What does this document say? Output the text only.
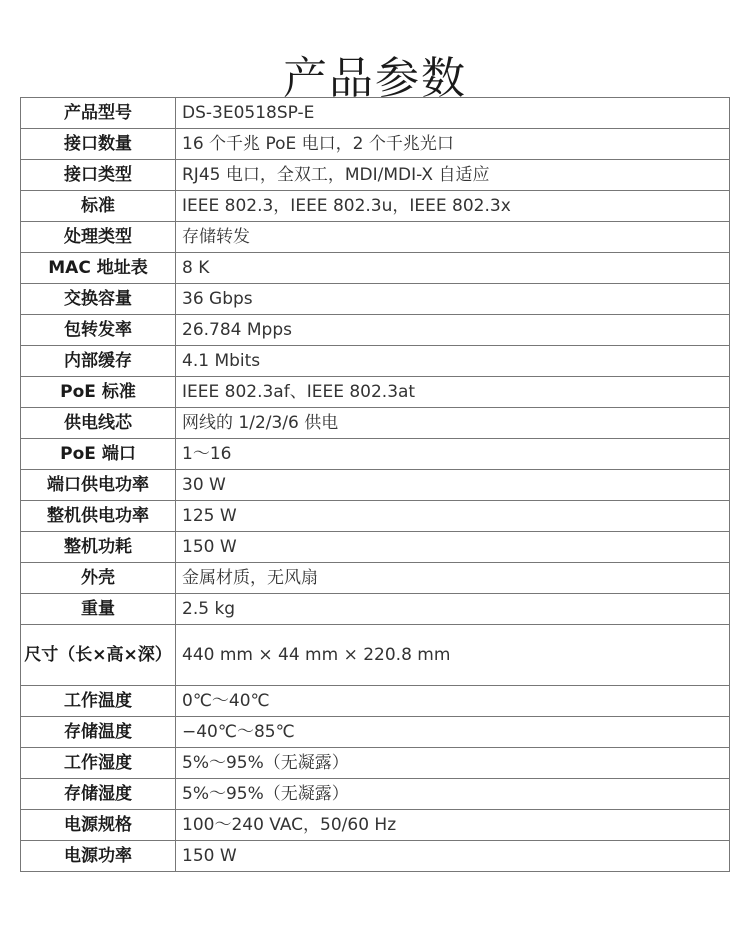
产品参数
产品型号	DS-3E0518SP-E
接口数量	16 个千兆 PoE 电口，2 个千兆光口
接口类型	RJ45 电口，全双工，MDI/MDI-X 自适应
标准	IEEE 802.3，IEEE 802.3u，IEEE 802.3x
处理类型	存储转发
MAC 地址表	8 K
交换容量	36 Gbps
包转发率	26.784 Mpps
内部缓存	4.1 Mbits
PoE 标准	IEEE 802.3af、IEEE 802.3at
供电线芯	网线的 1/2/3/6 供电
PoE 端口	1～16
端口供电功率	30 W
整机供电功率	125 W
整机功耗	150 W
外壳	金属材质，无风扇
重量	2.5 kg
尺寸（长×高×深）	440 mm × 44 mm × 220.8 mm
工作温度	0℃～40℃
存储温度	−40℃～85℃
工作湿度	5%～95%（无凝露）
存储湿度	5%～95%（无凝露）
电源规格	100～240 VAC，50/60 Hz
电源功率	150 W
